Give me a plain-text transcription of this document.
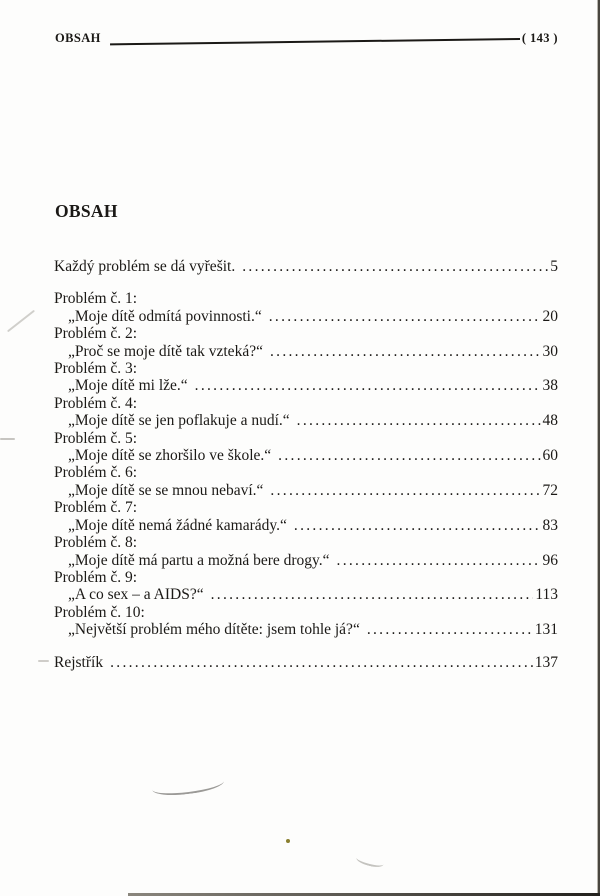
OBSAH	( 143 )
OBSAH
Každý problém se dá vyřešit. .....	5
Problém č. 1:
„Moje dítě odmítá povinnosti.“ .....	20
Problém č. 2:
„Proč se moje dítě tak vzteká?“ .....	30
Problém č. 3:
„Moje dítě mi lže.“ .....	38
Problém č. 4:
„Moje dítě se jen poflakuje a nudí.“ .....	48
Problém č. 5:
„Moje dítě se zhoršilo ve škole.“ .....	60
Problém č. 6:
„Moje dítě se se mnou nebaví.“ .....	72
Problém č. 7:
„Moje dítě nemá žádné kamarády.“ .....	83
Problém č. 8:
„Moje dítě má partu a možná bere drogy.“ .....	96
Problém č. 9:
„A co sex – a AIDS?“ .....	113
Problém č. 10:
„Největší problém mého dítěte: jsem tohle já?“ .....	131
Rejstřík .....	137
